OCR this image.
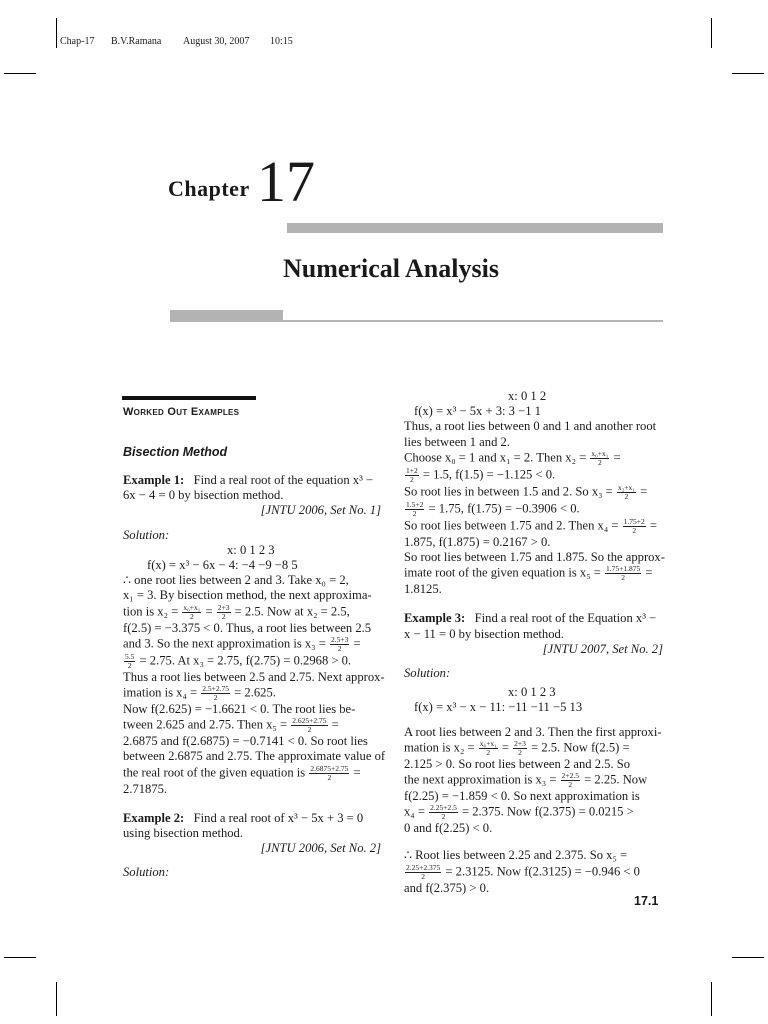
Chap-17 B.V.Ramana August 30, 2007 10:15
Chapter 17
Numerical Analysis
Worked Out Examples
Bisection Method

Example 1: Find a real root of the equation x³ −

6x − 4 = 0 by bisection method.

[JNTU 2006, Set No. 1]

Solution:

x: 0 1 2 3

f(x) = x³ − 6x − 4: −4 −9 −8 5

∴ one root lies between 2 and 3. Take x₀ = 2,

x₁ = 3. By bisection method, the next approxima-

tion is $x_2 = \frac{\text{x₀+x₁}}{2} = \frac{2+3}{2} = 2.5$. Now at x₂ = 2.5,

f(2.5) = −3.375 < 0. Thus, a root lies between 2.5

and 3. So the next approximation is $x_3 = \frac{2.5+3}{2}$ =

$\frac{5.5}{2} = 2.75$. At x₃ = 2.75, f(2.75) = 0.2968 > 0.

Thus a root lies between 2.5 and 2.75. Next approx-

imation is $x_4 = \frac{2.5+2.75}{2} = 2.625$.

Now f(2.625) = −1.6621 < 0. The root lies be-

tween 2.625 and 2.75. Then $x_5 = \frac{2.625+2.75}{2}$ =

2.6875 and f(2.6875) = −0.7141 < 0. So root lies

between 2.6875 and 2.75. The approximate value of

the real root of the given equation is $\frac{2.6875+2.75}{2}$ =

2.71875.

Example 2: Find a real root of x³ − 5x + 3 = 0

using bisection method.

[JNTU 2006, Set No. 2]

Solution:

x: 0 1 2

f(x) = x³ − 5x + 3: 3 −1 1

Thus, a root lies between 0 and 1 and another root

lies between 1 and 2.

Choose x₀ = 1 and x₁ = 2. Then $x_2 = \frac{\text{x₀+x₁}}{2}$ =

$\frac{1+2}{2} = 1.5$, f(1.5) = −1.125 < 0.

So root lies in between 1.5 and 2. So $x_3 = \frac{\text{x₂+x₁}}{2}$ =

$\frac{1.5+2}{2} = 1.75$, f(1.75) = −0.3906 < 0.

So root lies between 1.75 and 2. Then $x_4 = \frac{1.75+2}{2}$ =

1.875, f(1.875) = 0.2167 > 0.

So root lies between 1.75 and 1.875. So the approx-

imate root of the given equation is $x_5 = \frac{1.75+1.875}{2}$ =

1.8125.

Example 3: Find a real root of the Equation x³ −

x − 11 = 0 by bisection method.

[JNTU 2007, Set No. 2]

Solution:

x: 0 1 2 3

f(x) = x³ − x − 11: −11 −11 −5 13

A root lies between 2 and 3. Then the first approxi-

mation is $x_2 = \frac{\text{x₀+x₁}}{2} = \frac{2+3}{2} = 2.5$. Now f(2.5) =

2.125 > 0. So root lies between 2 and 2.5. So

the next approximation is $x_3 = \frac{2+2.5}{2} = 2.25$. Now

f(2.25) = −1.859 < 0. So next approximation is

$x_4 = \frac{2.25+2.5}{2} = 2.375$. Now f(2.375) = 0.0215 >

0 and f(2.25) < 0.

∴ Root lies between 2.25 and 2.375. So x₅ =

$\frac{2.25+2.375}{2} = 2.3125$. Now f(2.3125) = −0.946 < 0

and f(2.375) > 0.

17.1
